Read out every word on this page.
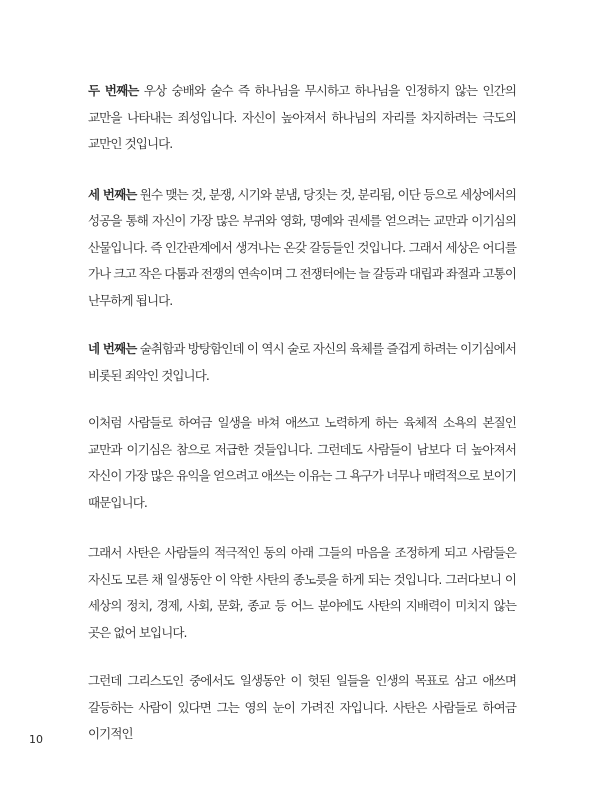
두 번째는 우상 숭배와 술수 즉 하나님을 무시하고 하나님을 인정하지 않는 인간의 교만을 나타내는 죄성입니다. 자신이 높아져서 하나님의 자리를 차지하려는 극도의 교만인 것입니다.

세 번째는 원수 맺는 것, 분쟁, 시기와 분냄, 당짓는 것, 분리됨, 이단 등으로 세상에서의 성공을 통해 자신이 가장 많은 부귀와 영화, 명예와 권세를 얻으려는 교만과 이기심의 산물입니다. 즉 인간관계에서 생겨나는 온갖 갈등들인 것입니다. 그래서 세상은 어디를 가나 크고 작은 다툼과 전쟁의 연속이며 그 전쟁터에는 늘 갈등과 대립과 좌절과 고통이 난무하게 됩니다.

네 번째는 술취함과 방탕함인데 이 역시 술로 자신의 육체를 즐겁게 하려는 이기심에서 비롯된 죄악인 것입니다.

이처럼 사람들로 하여금 일생을 바쳐 애쓰고 노력하게 하는 육체적 소욕의 본질인 교만과 이기심은 참으로 저급한 것들입니다. 그런데도 사람들이 남보다 더 높아져서 자신이 가장 많은 유익을 얻으려고 애쓰는 이유는 그 욕구가 너무나 매력적으로 보이기 때문입니다.

그래서 사탄은 사람들의 적극적인 동의 아래 그들의 마음을 조정하게 되고 사람들은 자신도 모른 채 일생동안 이 악한 사탄의 종노릇을 하게 되는 것입니다. 그러다보니 이 세상의 정치, 경제, 사회, 문화, 종교 등 어느 분야에도 사탄의 지배력이 미치지 않는 곳은 없어 보입니다.

그런데 그리스도인 중에서도 일생동안 이 헛된 일들을 인생의 목표로 삼고 애쓰며 갈등하는 사람이 있다면 그는 영의 눈이 가려진 자입니다. 사탄은 사람들로 하여금 이기적인

10
